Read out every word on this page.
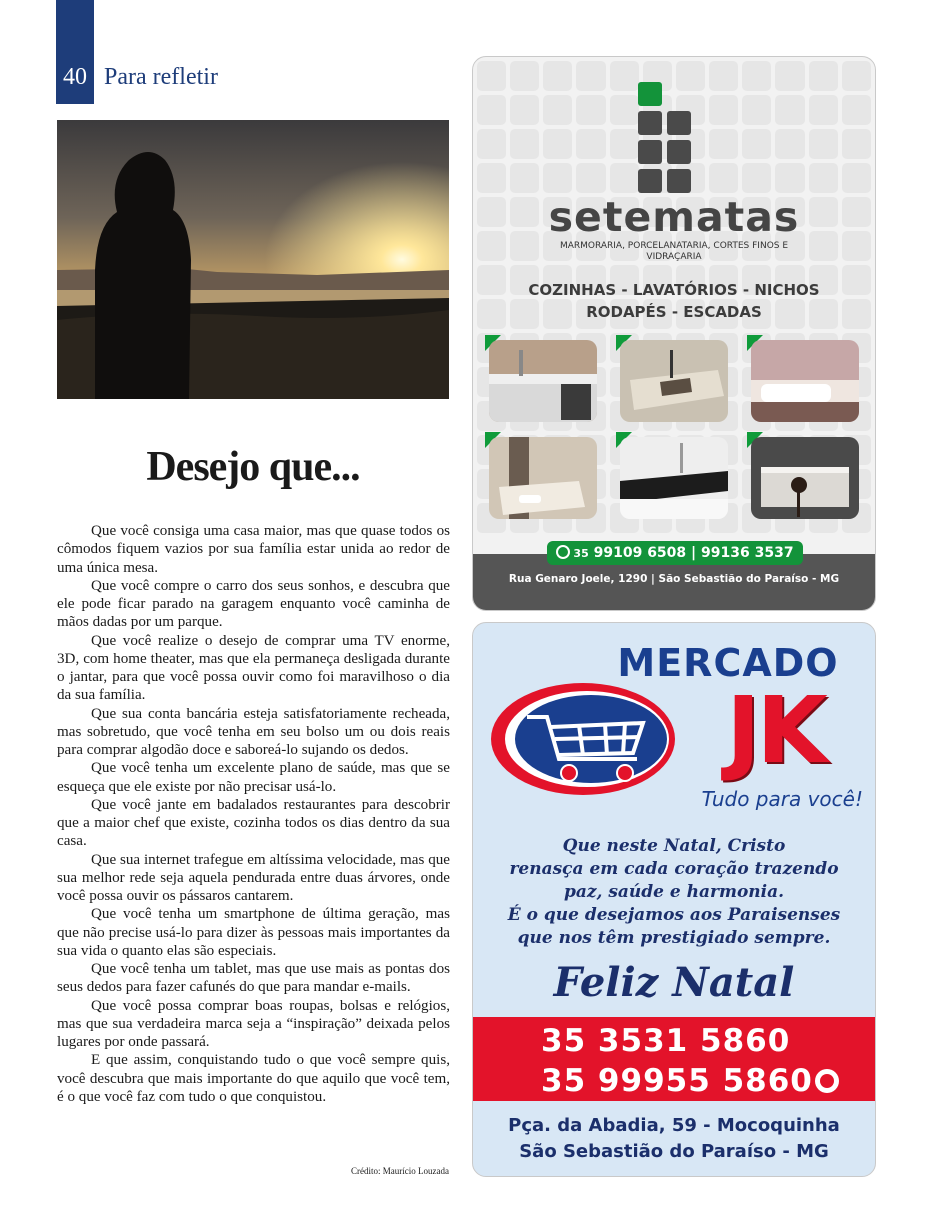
40 Para refletir
Desejo que...

Que você consiga uma casa maior, mas que quase todos os cômodos fiquem vazios por sua família estar unida ao redor de uma única mesa.

Que você compre o carro dos seus sonhos, e descubra que ele pode ficar parado na garagem enquanto você caminha de mãos dadas por um parque.

Que você realize o desejo de comprar uma TV enorme, 3D, com home theater, mas que ela permaneça desligada durante o jantar, para que você possa ouvir como foi maravilhoso o dia da sua família.

Que sua conta bancária esteja satisfatoriamente recheada, mas sobretudo, que você tenha em seu bolso um ou dois reais para comprar algodão doce e saboreá-lo sujando os dedos.

Que você tenha um excelente plano de saúde, mas que se esqueça que ele existe por não precisar usá-lo.

Que você jante em badalados restaurantes para descobrir que a maior chef que existe, cozinha todos os dias dentro da sua casa.

Que sua internet trafegue em altíssima velocidade, mas que sua melhor rede seja aquela pendurada entre duas árvores, onde você possa ouvir os pássaros cantarem.

Que você tenha um smartphone de última geração, mas que não precise usá-lo para dizer às pessoas mais importantes da sua vida o quanto elas são especiais.

Que você tenha um tablet, mas que use mais as pontas dos seus dedos para fazer cafunés do que para mandar e-mails.

Que você possa comprar boas roupas, bolsas e relógios, mas que sua verdadeira marca seja a “inspiração” deixada pelos lugares por onde passará.

E que assim, conquistando tudo o que você sempre quis, você descubra que mais importante do que aquilo que você tem, é o que você faz com tudo o que conquistou.

Crédito: Maurício Louzada
setematas
MARMORARIA, PORCELANATARIA, CORTES FINOS E VIDRAÇARIA
COZINHAS - LAVATÓRIOS - NICHOS
RODAPÉS - ESCADAS
35 99109 6508 | 99136 3537
Rua Genaro Joele, 1290 | São Sebastião do Paraíso - MG
MERCADO
JK
Tudo para você!
Que neste Natal, Cristo
renasça em cada coração trazendo
paz, saúde e harmonia.
É o que desejamos aos Paraisenses
que nos têm prestigiado sempre.
Feliz Natal
35 3531 5860
35 99955 5860
Pça. da Abadia, 59 - Mocoquinha
São Sebastião do Paraíso - MG
